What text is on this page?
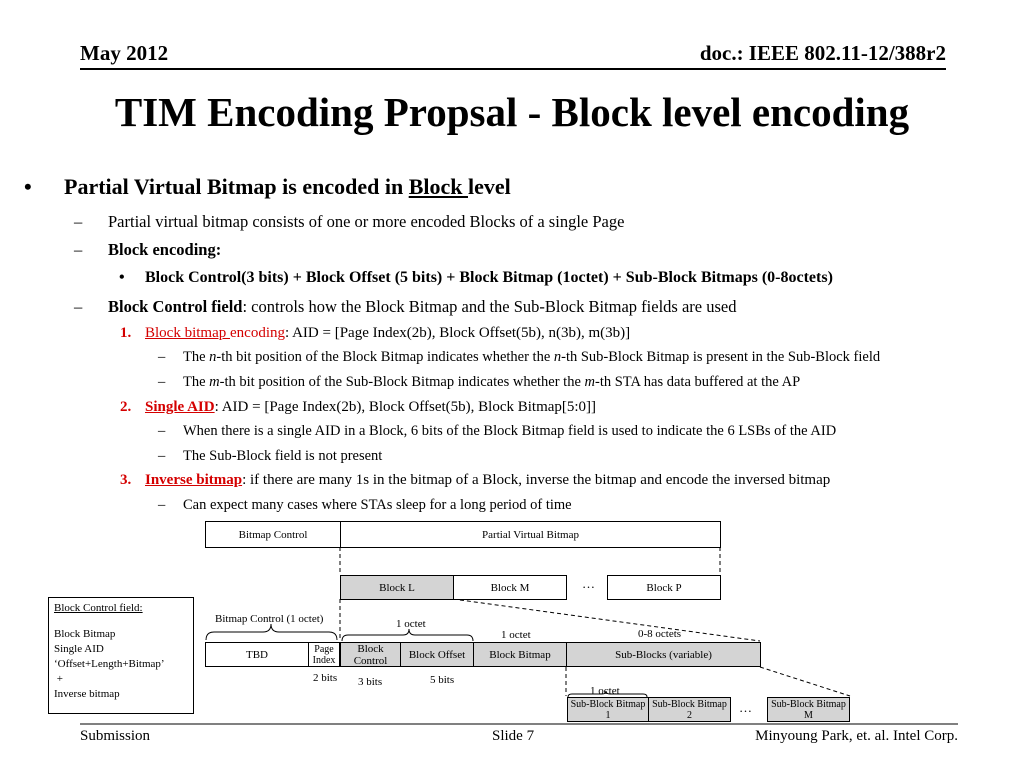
May 2012	doc.: IEEE 802.11-12/388r2
TIM Encoding Propsal - Block level encoding
• Partial Virtual Bitmap is encoded in Block level
– Partial virtual bitmap consists of one or more encoded Blocks of a single Page
– Block encoding:
• Block Control(3 bits) + Block Offset (5 bits) + Block Bitmap (1octet) + Sub-Block Bitmaps (0-8octets)
– Block Control field: controls how the Block Bitmap and the Sub-Block Bitmap fields are used
1. Block bitmap encoding: AID = [Page Index(2b), Block Offset(5b), n(3b), m(3b)]
– The n-th bit position of the Block Bitmap indicates whether the n-th Sub-Block Bitmap is present in the Sub-Block field
– The m-th bit position of the Sub-Block Bitmap indicates whether the m-th STA has data buffered at the AP
2. Single AID: AID = [Page Index(2b), Block Offset(5b), Block Bitmap[5:0]]
– When there is a single AID in a Block, 6 bits of the Block Bitmap field is used to indicate the 6 LSBs of the AID
– The Sub-Block field is not present
3. Inverse bitmap: if there are many 1s in the bitmap of a Block, inverse the bitmap and encode the inversed bitmap
– Can expect many cases where STAs sleep for a long period of time
Bitmap Control	Partial Virtual Bitmap
Block L	Block M	…	Block P
Bitmap Control (1 octet)	1 octet
1 octet	0-8 octets
TBD	Page Index
Block Control	Block Offset	Block Bitmap	Sub-Blocks (variable)
2 bits 3 bits	5 bits
1 octet
Sub-Block Bitmap 1
Sub-Block Bitmap 2	…	Sub-Block Bitmap M
Block Control field:
Block Bitmap
Single AID
‘Offset+Length+Bitmap’
+
Inverse bitmap
Submission	Slide 7	Minyoung Park, et. al. Intel Corp.
